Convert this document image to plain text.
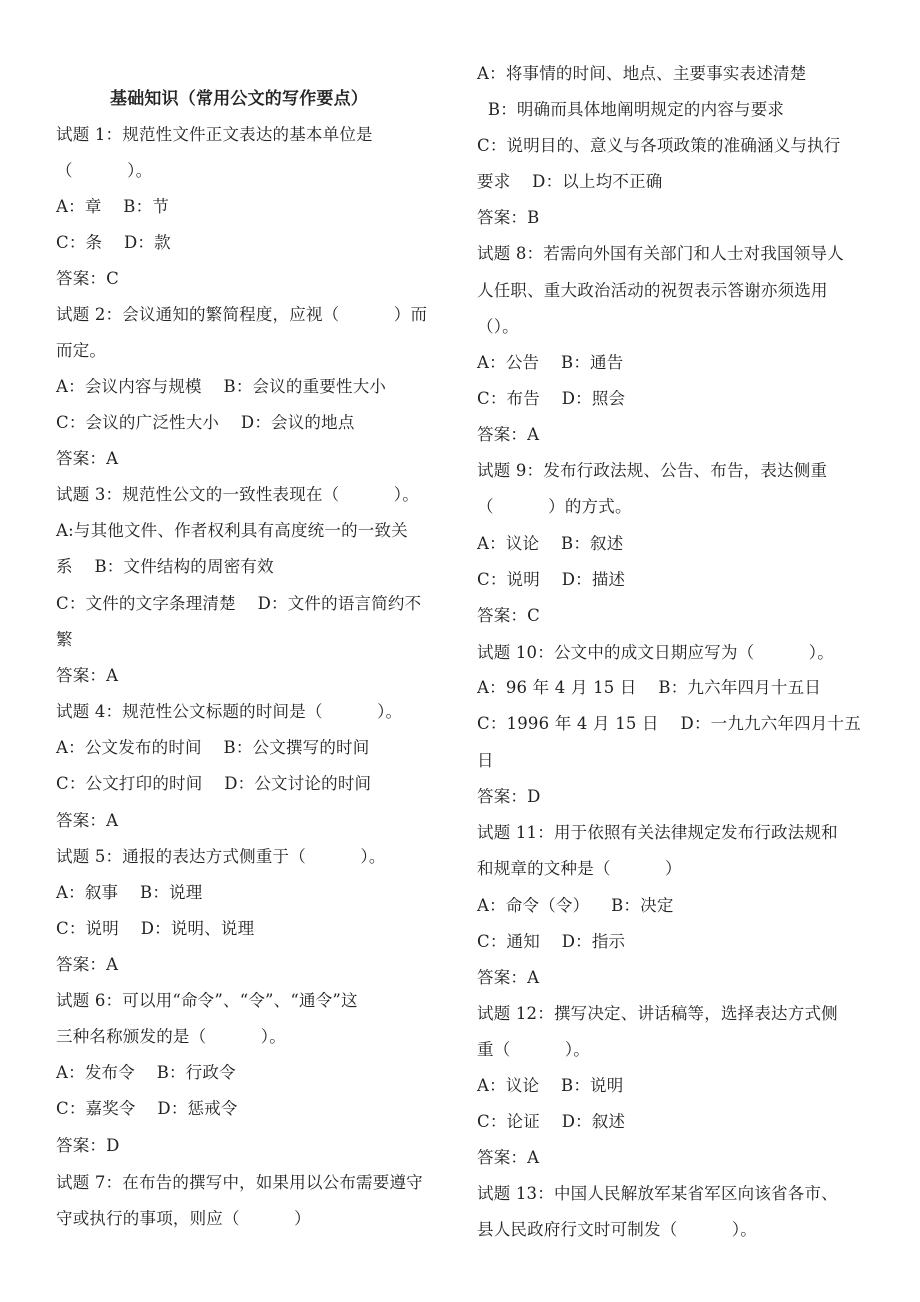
基础知识（常用公文的写作要点）
试题 1：规范性文件正文表达的基本单位是
（          ）。
A：章    B：节
C：条    D：款
答案：C
试题 2：会议通知的繁简程度，应视（          ）而
而定。
A：会议内容与规模    B：会议的重要性大小
C：会议的广泛性大小    D：会议的地点
答案：A
试题 3：规范性公文的一致性表现在（          ）。
A:与其他文件、作者权利具有高度统一的一致关
系    B：文件结构的周密有效
C：文件的文字条理清楚    D：文件的语言简约不
繁
答案：A
试题 4：规范性公文标题的时间是（          ）。
A：公文发布的时间    B：公文撰写的时间
C：公文打印的时间    D：公文讨论的时间
答案：A
试题 5：通报的表达方式侧重于（          ）。
A：叙事    B：说理
C：说明    D：说明、说理
答案：A
试题 6：可以用“命令”、“令”、“通令”这
三种名称颁发的是（          ）。
A：发布令    B：行政令
C：嘉奖令    D：惩戒令
答案：D
试题 7：在布告的撰写中，如果用以公布需要遵守
守或执行的事项，则应（          ）
A：将事情的时间、地点、主要事实表述清楚
B：明确而具体地阐明规定的内容与要求
C：说明目的、意义与各项政策的准确涵义与执行
要求    D：以上均不正确
答案：B
试题 8：若需向外国有关部门和人士对我国领导人
人任职、重大政治活动的祝贺表示答谢亦须选用
（）。
A：公告    B：通告
C：布告    D：照会
答案：A
试题 9：发布行政法规、公告、布告，表达侧重
（          ）的方式。
A：议论    B：叙述
C：说明    D：描述
答案：C
试题 10：公文中的成文日期应写为（          ）。
A：96 年 4 月 15 日    B：九六年四月十五日
C：1996 年 4 月 15 日    D：一九九六年四月十五
日
答案：D
试题 11：用于依照有关法律规定发布行政法规和
和规章的文种是（          ）
A：命令（令）    B：决定
C：通知    D：指示
答案：A
试题 12：撰写决定、讲话稿等，选择表达方式侧
重（          ）。
A：议论    B：说明
C：论证    D：叙述
答案：A
试题 13：中国人民解放军某省军区向该省各市、
县人民政府行文时可制发（          ）。
